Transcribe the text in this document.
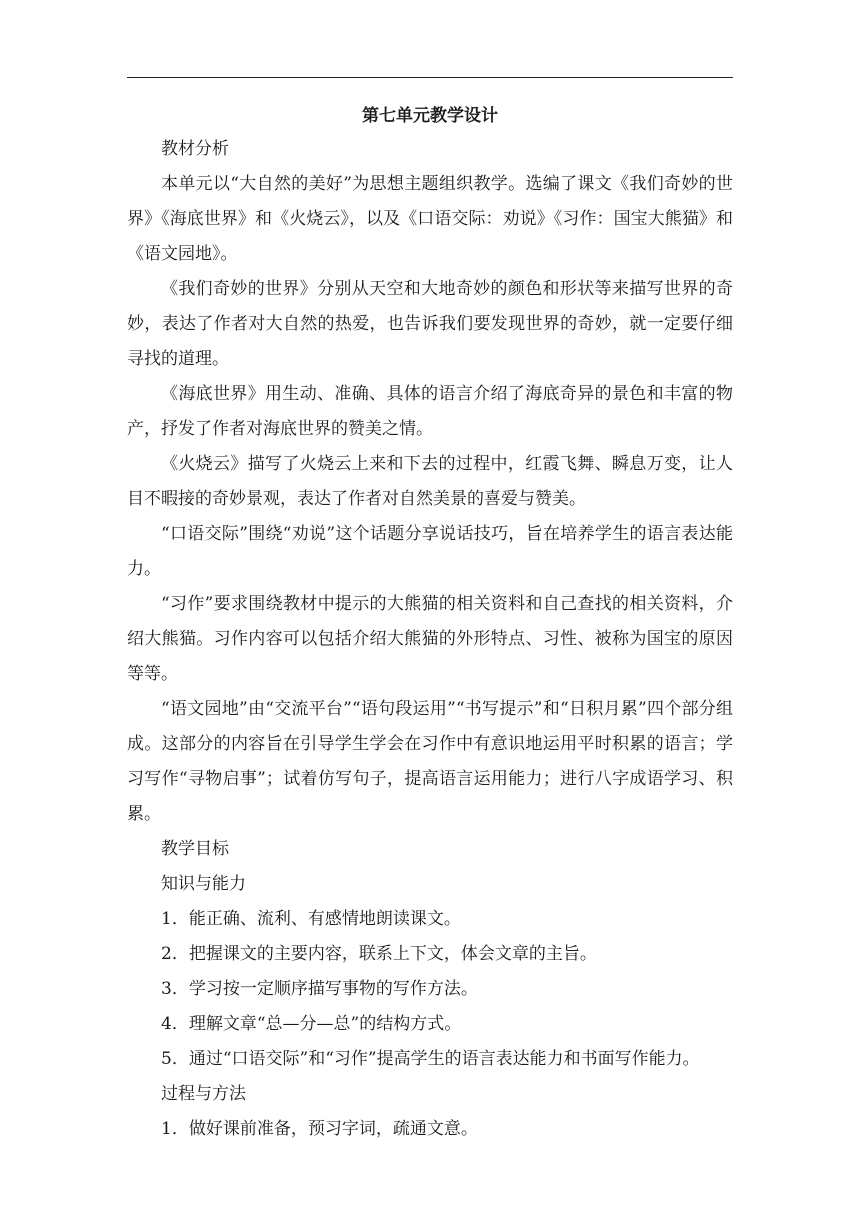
第七单元教学设计

教材分析

本单元以“大自然的美好”为思想主题组织教学。选编了课文《我们奇妙的世界》《海底世界》和《火烧云》，以及《口语交际：劝说》《习作：国宝大熊猫》和《语文园地》。

《我们奇妙的世界》分别从天空和大地奇妙的颜色和形状等来描写世界的奇妙，表达了作者对大自然的热爱，也告诉我们要发现世界的奇妙，就一定要仔细寻找的道理。

《海底世界》用生动、准确、具体的语言介绍了海底奇异的景色和丰富的物产，抒发了作者对海底世界的赞美之情。

《火烧云》描写了火烧云上来和下去的过程中，红霞飞舞、瞬息万变，让人目不暇接的奇妙景观，表达了作者对自然美景的喜爱与赞美。

“口语交际”围绕“劝说”这个话题分享说话技巧，旨在培养学生的语言表达能力。

“习作”要求围绕教材中提示的大熊猫的相关资料和自己查找的相关资料，介绍大熊猫。习作内容可以包括介绍大熊猫的外形特点、习性、被称为国宝的原因等等。

“语文园地”由“交流平台”“语句段运用”“书写提示”和“日积月累”四个部分组成。这部分的内容旨在引导学生学会在习作中有意识地运用平时积累的语言；学习写作“寻物启事”；试着仿写句子，提高语言运用能力；进行八字成语学习、积累。

教学目标

知识与能力

1．能正确、流利、有感情地朗读课文。

2．把握课文的主要内容，联系上下文，体会文章的主旨。

3．学习按一定顺序描写事物的写作方法。

4．理解文章“总—分—总”的结构方式。

5．通过“口语交际”和“习作”提高学生的语言表达能力和书面写作能力。

过程与方法

1．做好课前准备，预习字词，疏通文意。
